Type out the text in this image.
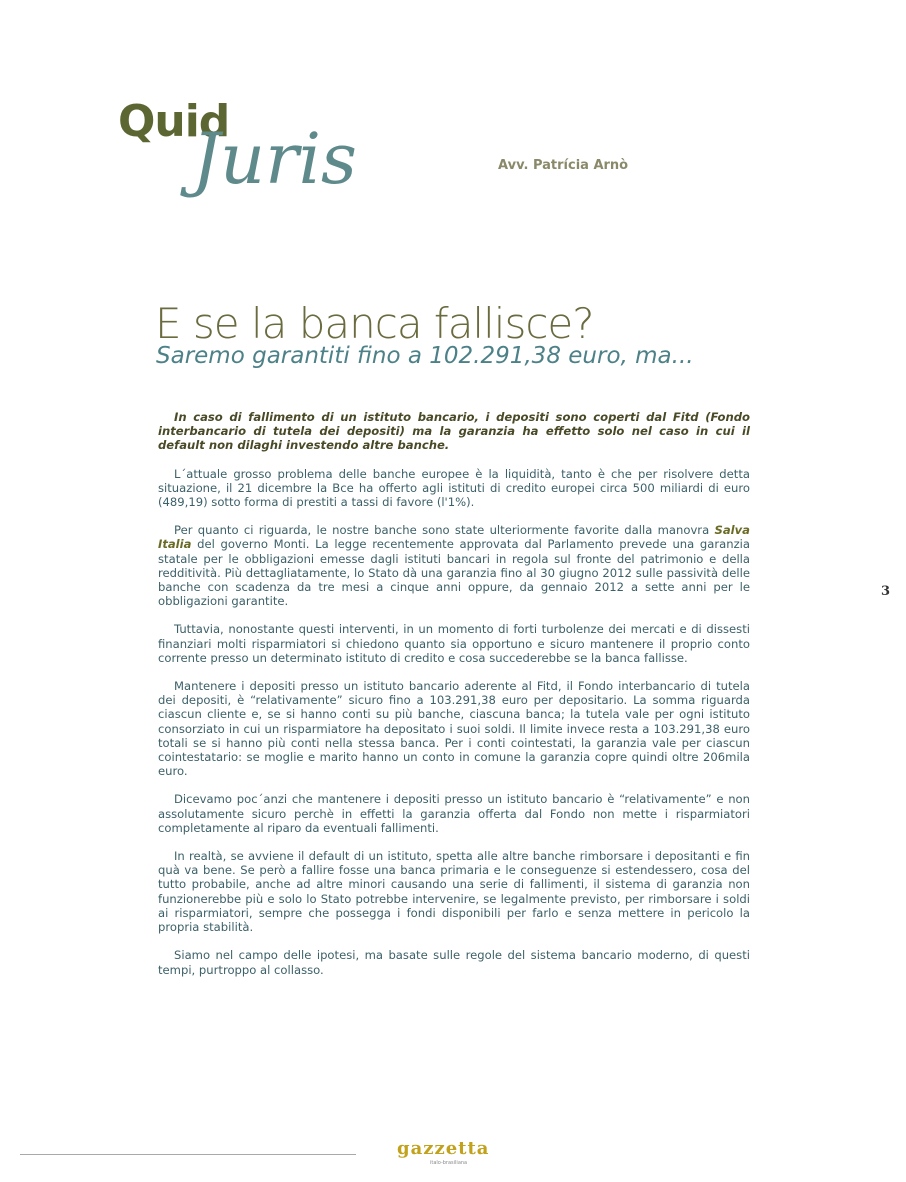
Quid
Juris	Avv. Patrícia Arnò
E se la banca fallisce?
Saremo garantiti fino a 102.291,38 euro, ma...

In caso di fallimento di un istituto bancario, i depositi sono coperti dal Fitd (Fondo interbancario di tutela dei depositi) ma la garanzia ha effetto solo nel caso in cui il default non dilaghi investendo altre banche.

L´attuale grosso problema delle banche europee è la liquidità, tanto è che per risolvere detta situazione, il 21 dicembre la Bce ha offerto agli istituti di credito europei circa 500 miliardi di euro (489,19) sotto forma di prestiti a tassi di favore (l'1%).

Per quanto ci riguarda, le nostre banche sono state ulteriormente favorite dalla manovra Salva Italia del governo Monti. La legge recentemente approvata dal Parlamento prevede una garanzia statale per le obbligazioni emesse dagli istituti bancari in regola sul fronte del patrimonio e della redditività. Più dettagliatamente, lo Stato dà una garanzia fino al 30 giugno 2012 sulle passività delle banche con scadenza da tre mesi a cinque anni oppure, da gennaio 2012 a sette anni per le obbligazioni garantite.

Tuttavia, nonostante questi interventi, in un momento di forti turbolenze dei mercati e di dissesti finanziari molti risparmiatori si chiedono quanto sia opportuno e sicuro mantenere il proprio conto corrente presso un determinato istituto di credito e cosa succederebbe se la banca fallisse.

Mantenere i depositi presso un istituto bancario aderente al Fitd, il Fondo interbancario di tutela dei depositi, è “relativamente” sicuro fino a 103.291,38 euro per depositario. La somma riguarda ciascun cliente e, se si hanno conti su più banche, ciascuna banca; la tutela vale per ogni istituto consorziato in cui un risparmiatore ha depositato i suoi soldi. Il limite invece resta a 103.291,38 euro totali se si hanno più conti nella stessa banca. Per i conti cointestati, la garanzia vale per ciascun cointestatario: se moglie e marito hanno un conto in comune la garanzia copre quindi oltre 206mila euro.

Dicevamo poc´anzi che mantenere i depositi presso un istituto bancario è “relativamente” e non assolutamente sicuro perchè in effetti la garanzia offerta dal Fondo non mette i risparmiatori completamente al riparo da eventuali fallimenti.

In realtà, se avviene il default di un istituto, spetta alle altre banche rimborsare i depositanti e fin quà va bene. Se però a fallire fosse una banca primaria e le conseguenze si estendessero, cosa del tutto probabile, anche ad altre minori causando una serie di fallimenti, il sistema di garanzia non funzionerebbe più e solo lo Stato potrebbe intervenire, se legalmente previsto, per rimborsare i soldi ai risparmiatori, sempre che possegga i fondi disponibili per farlo e senza mettere in pericolo la propria stabilità.

Siamo nel campo delle ipotesi, ma basate sulle regole del sistema bancario moderno, di questi tempi, purtroppo al collasso.

3
gazzetta
italo-brasiliana
